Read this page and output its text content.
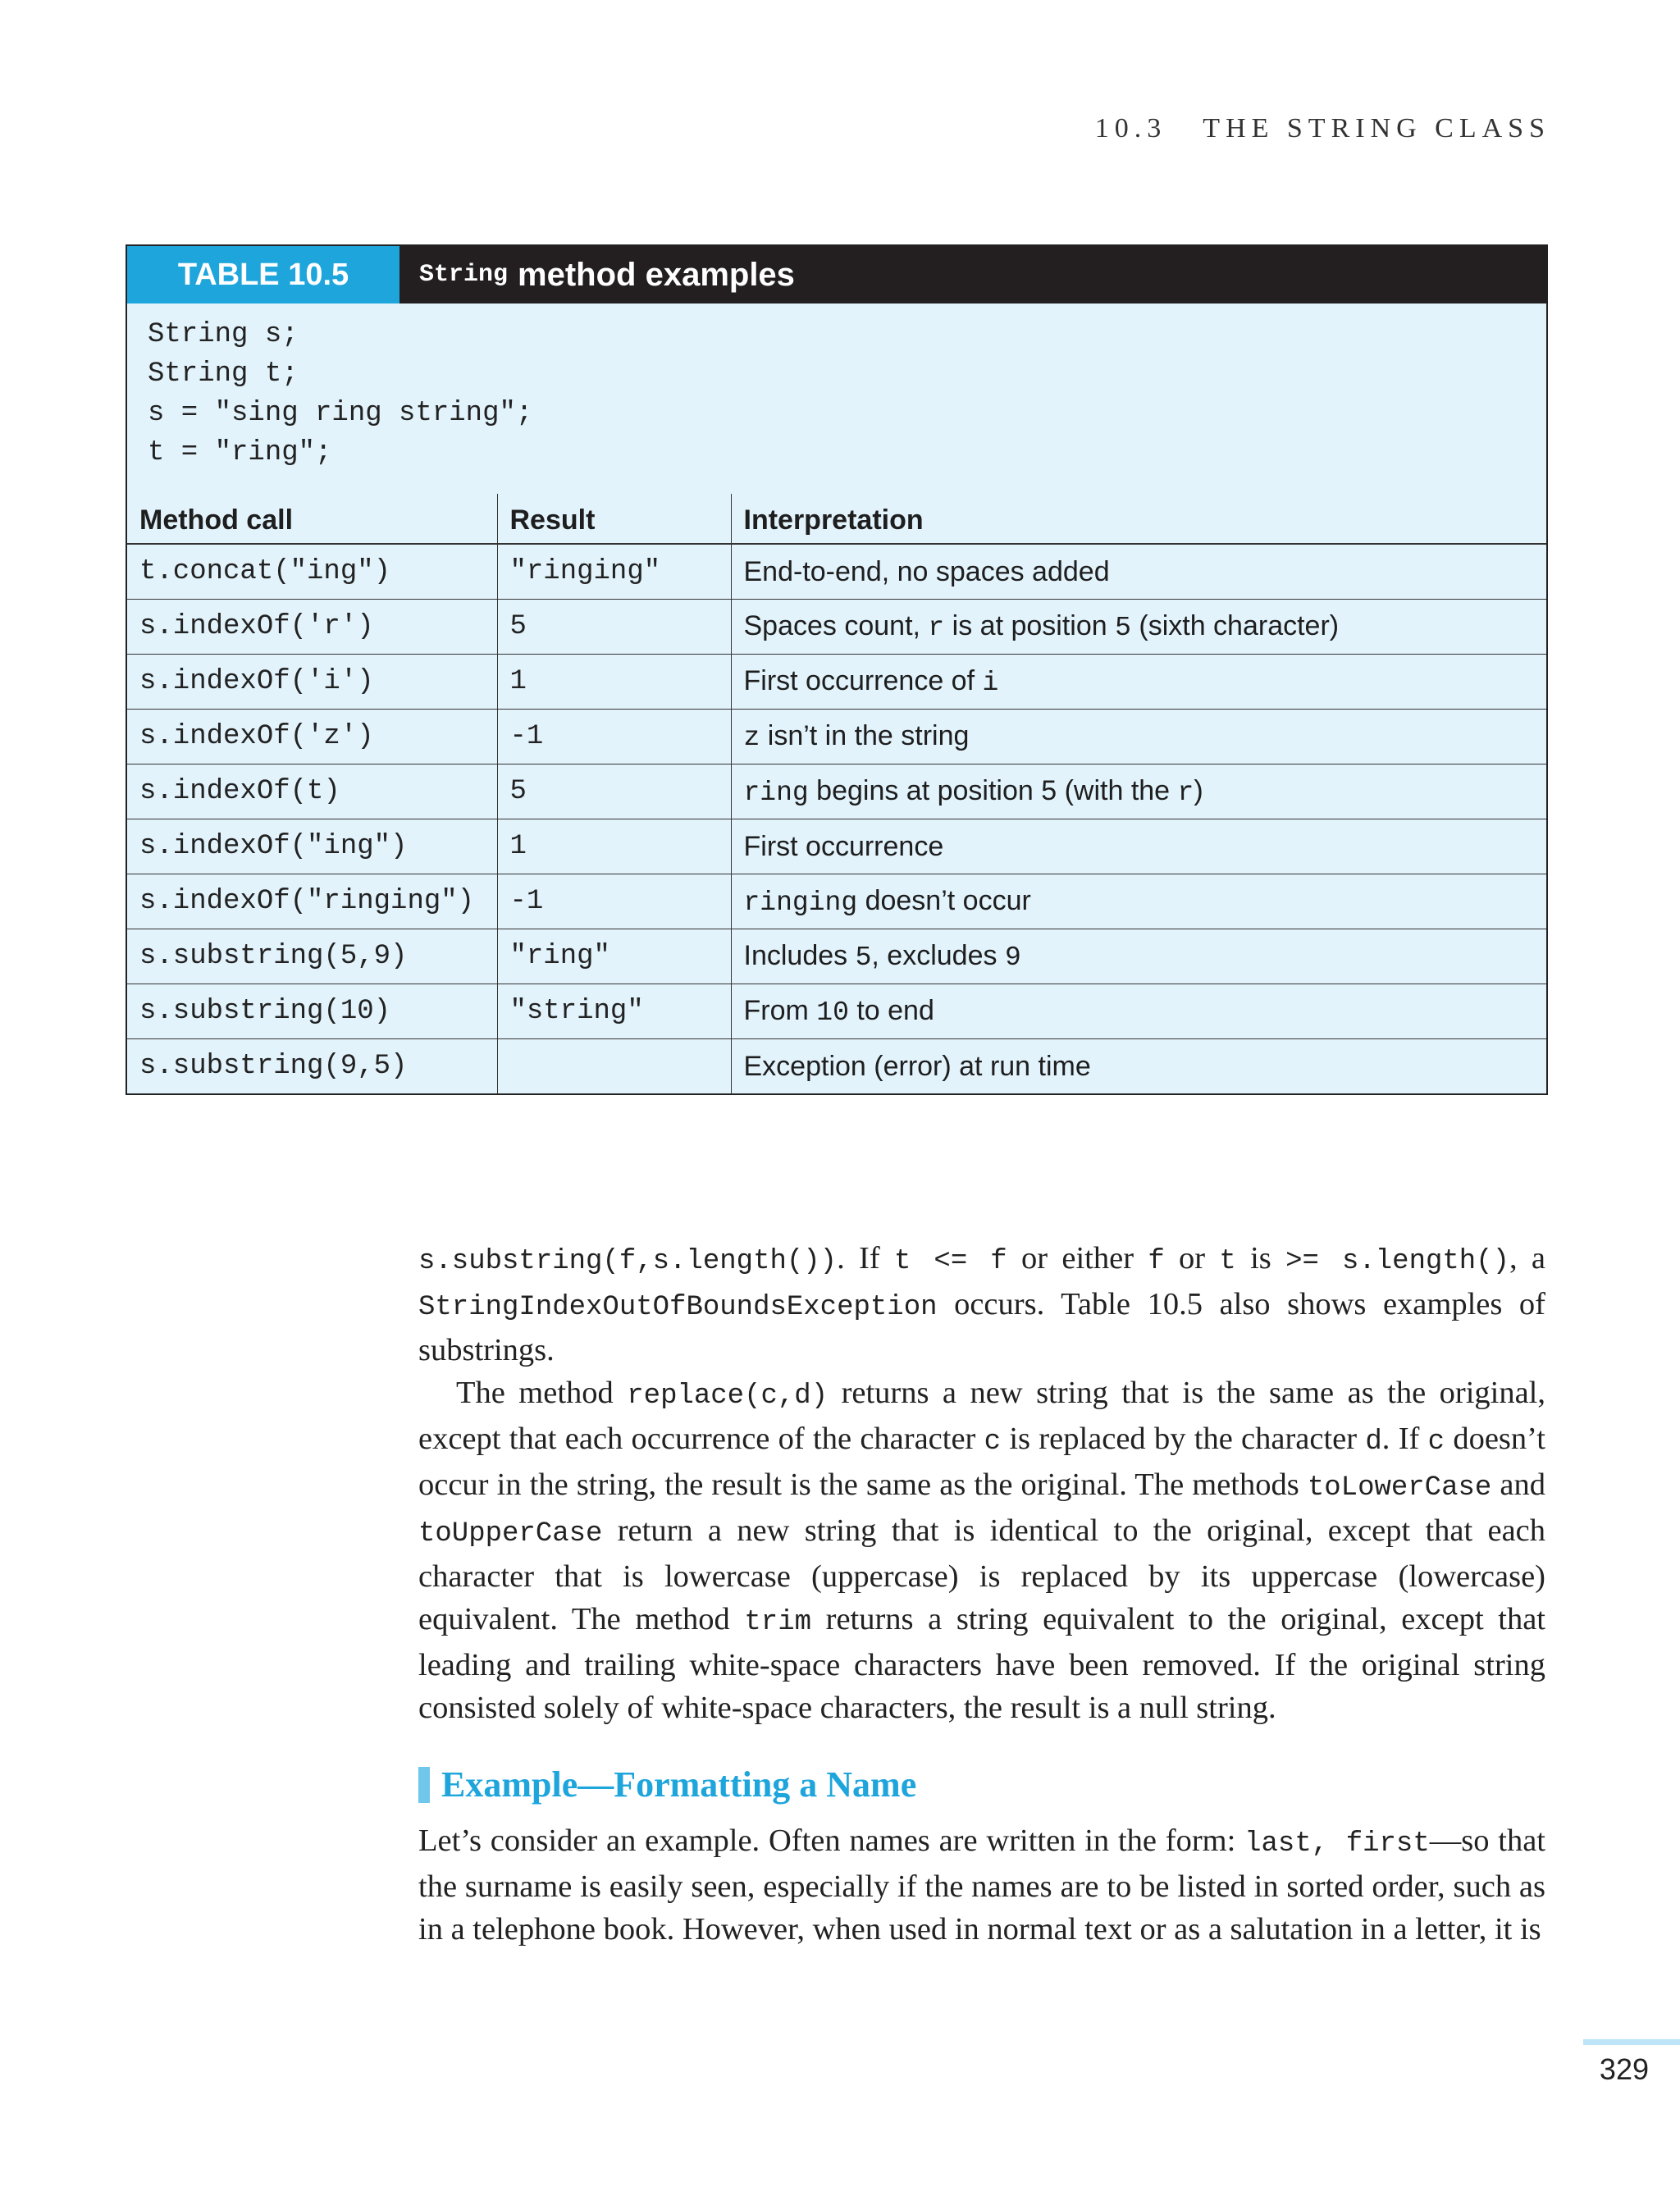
10.3 THE STRING CLASS
TABLE 10.5	String method examples
String s;
String t;
s = "sing ring string";
t = "ring";
Method call	Result	Interpretation
t.concat("ing")	"ringing"	End-to-end, no spaces added
s.indexOf('r')	5	Spaces count, r is at position 5 (sixth character)
s.indexOf('i')	1	First occurrence of i
s.indexOf('z')	-1	z isn’t in the string
s.indexOf(t)	5	ring begins at position 5 (with the r)
s.indexOf("ing")	1	First occurrence
s.indexOf("ringing")	-1	ringing doesn’t occur
s.substring(5,9)	"ring"	Includes 5, excludes 9
s.substring(10)	"string"	From 10 to end
s.substring(9,5)		Exception (error) at run time

s.substring(f,s.length()). If t <= f or either f or t is >= s.length(), a StringIndexOutOfBoundsException occurs. Table 10.5 also shows examples of substrings.

The method replace(c,d) returns a new string that is the same as the original, except that each occurrence of the character c is replaced by the character d. If c doesn’t occur in the string, the result is the same as the original. The methods toLowerCase and toUpperCase return a new string that is identical to the original, except that each character that is lowercase (uppercase) is replaced by its uppercase (lowercase) equivalent. The method trim returns a string equivalent to the original, except that leading and trailing white-space characters have been removed. If the original string consisted solely of white-space characters, the result is a null string.

Example—Formatting a Name

Let’s consider an example. Often names are written in the form: last, first—so that the surname is easily seen, especially if the names are to be listed in sorted order, such as in a telephone book. However, when used in normal text or as a salutation in a letter, it is

329
